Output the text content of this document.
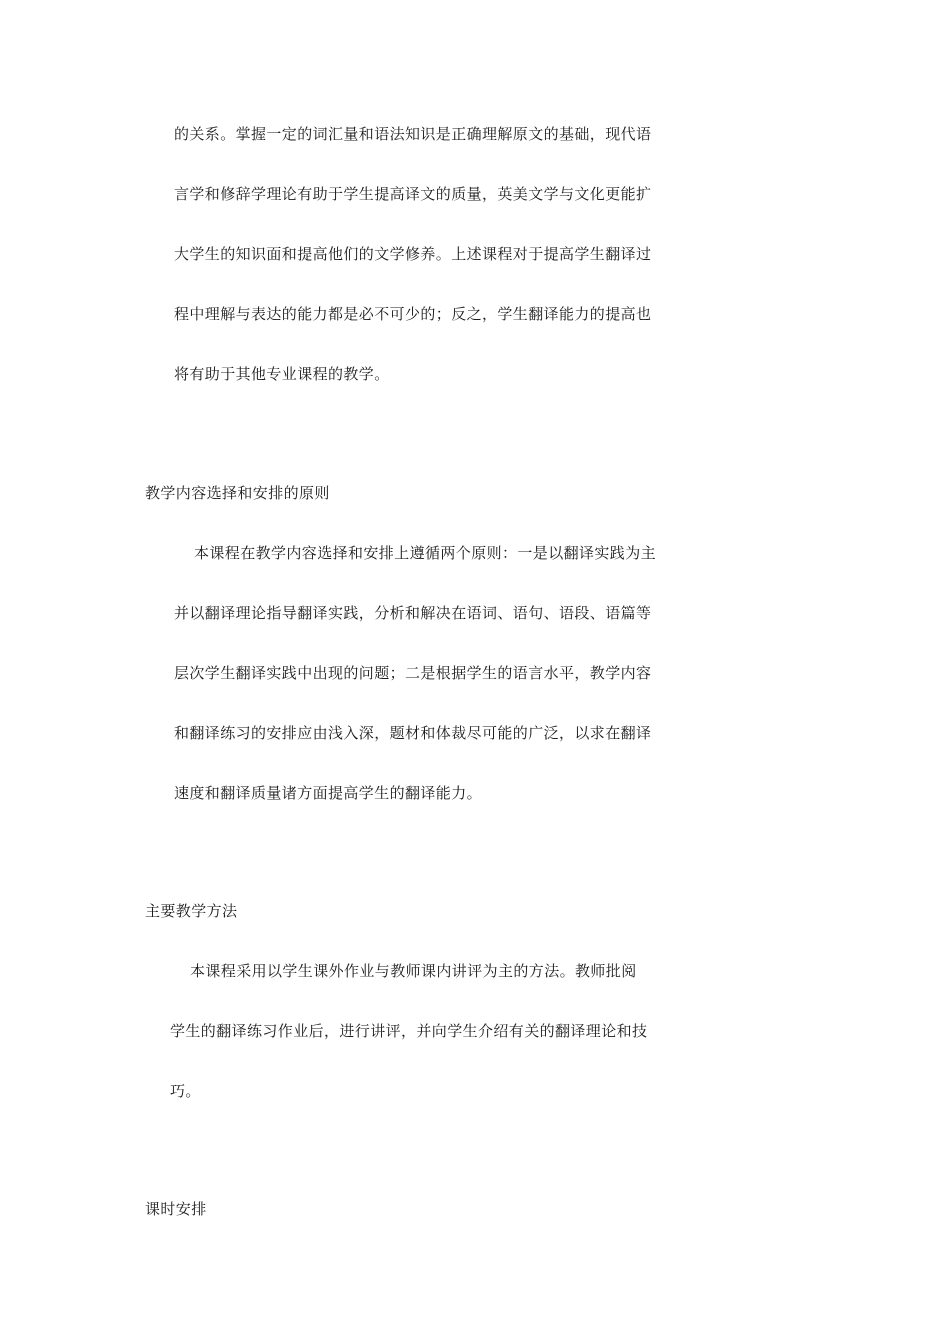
的关系。掌握一定的词汇量和语法知识是正确理解原文的基础，现代语
言学和修辞学理论有助于学生提高译文的质量，英美文学与文化更能扩
大学生的知识面和提高他们的文学修养。上述课程对于提高学生翻译过
程中理解与表达的能力都是必不可少的；反之，学生翻译能力的提高也
将有助于其他专业课程的教学。
教学内容选择和安排的原则
本课程在教学内容选择和安排上遵循两个原则：一是以翻译实践为主
并以翻译理论指导翻译实践，分析和解决在语词、语句、语段、语篇等
层次学生翻译实践中出现的问题；二是根据学生的语言水平，教学内容
和翻译练习的安排应由浅入深，题材和体裁尽可能的广泛，以求在翻译
速度和翻译质量诸方面提高学生的翻译能力。
主要教学方法
本课程采用以学生课外作业与教师课内讲评为主的方法。教师批阅
学生的翻译练习作业后，进行讲评，并向学生介绍有关的翻译理论和技
巧。
课时安排
